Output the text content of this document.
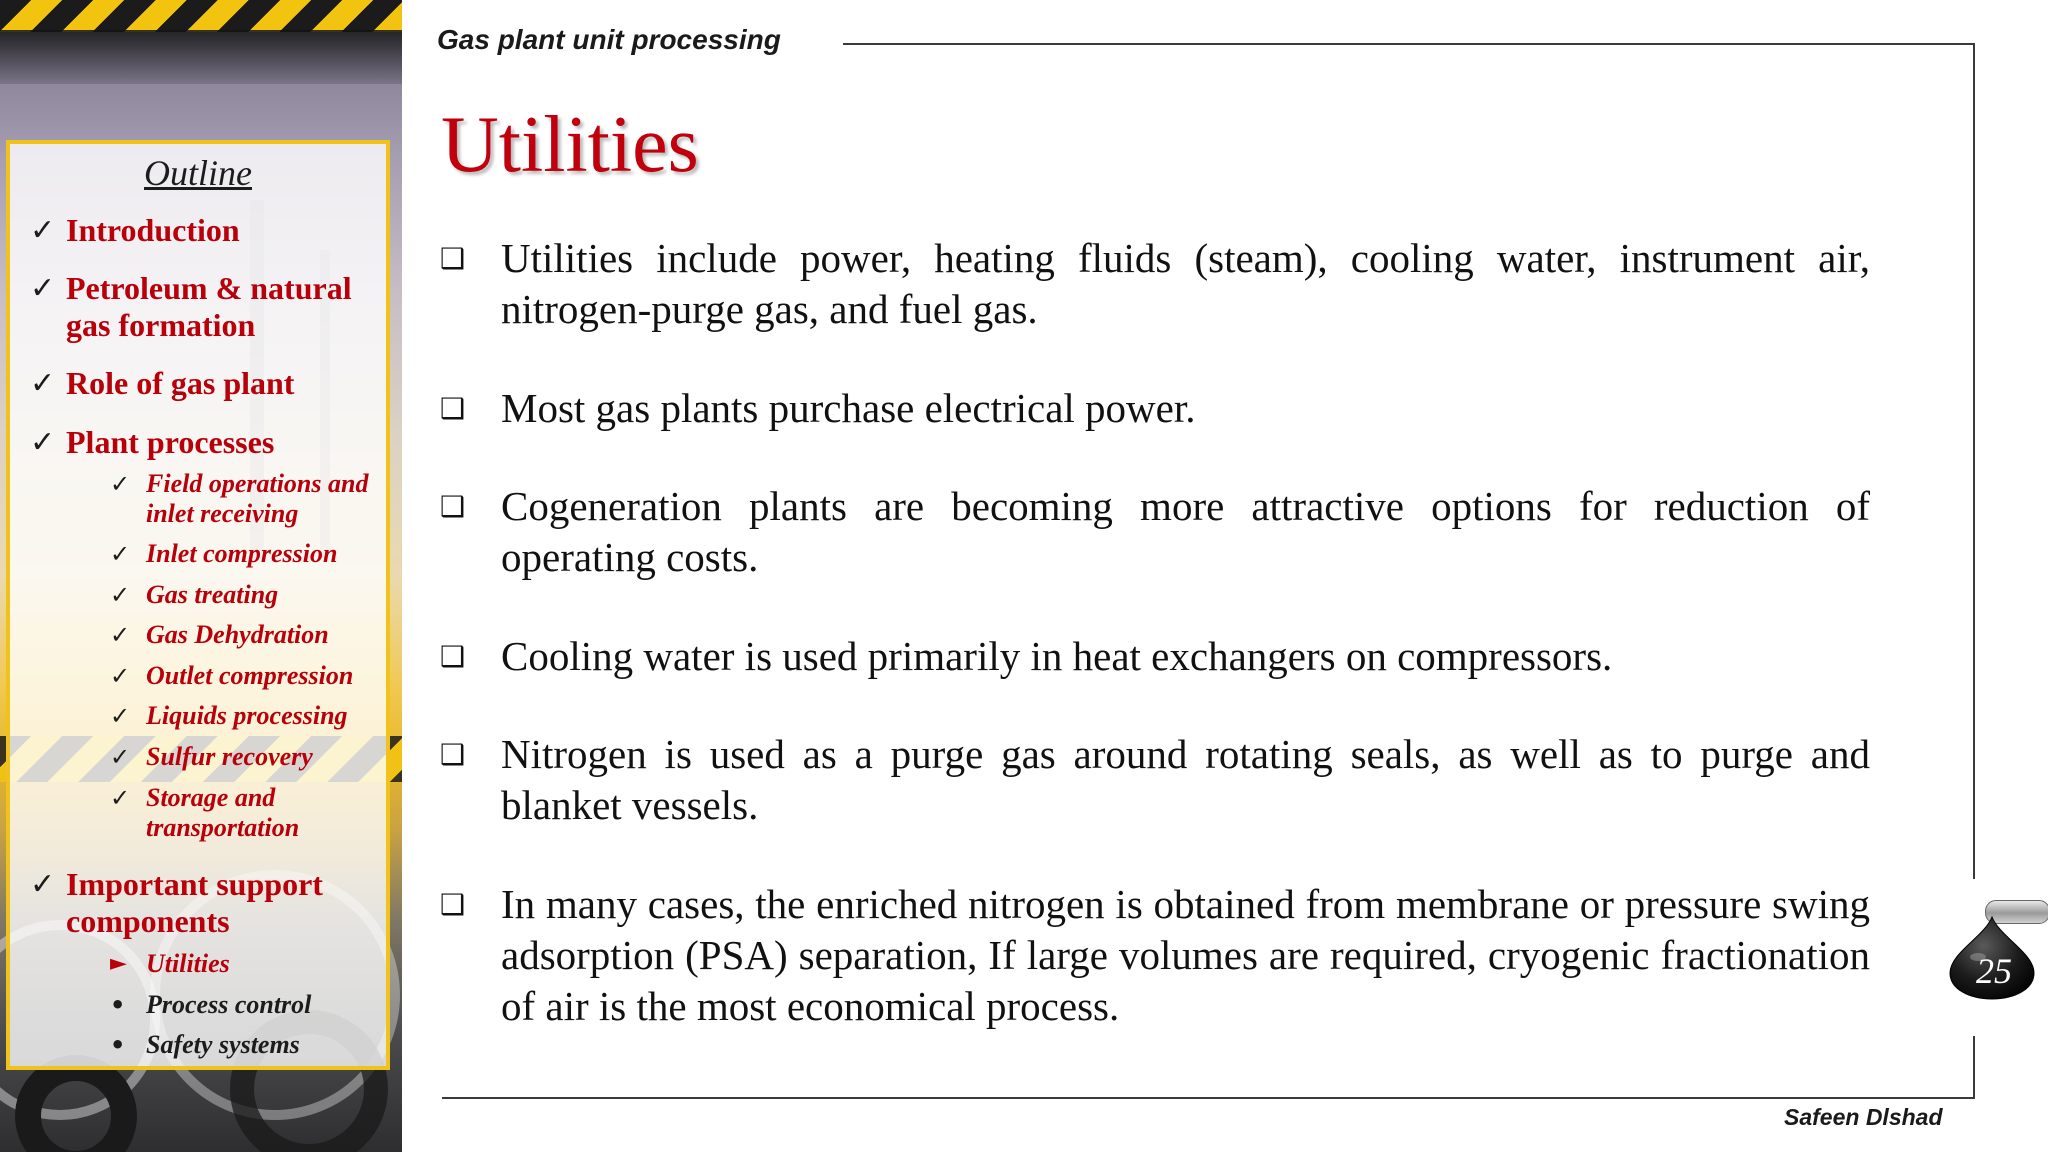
Outline
✓ Introduction
✓ Petroleum & natural gas formation
✓ Role of gas plant
✓ Plant processes
✓ Field operations and inlet receiving
✓ Inlet compression
✓ Gas treating
✓ Gas Dehydration
✓ Outlet compression
✓ Liquids processing
✓ Sulfur recovery
✓ Storage and transportation
✓ Important support components
► Utilities
• Process control
• Safety systems
Gas plant unit processing
Safeen Dlshad
Utilities
❑ Utilities include power, heating fluids (steam), cooling water, instrument air, nitrogen-purge gas, and fuel gas.
❑ Most gas plants purchase electrical power.
❑ Cogeneration plants are becoming more attractive options for reduction of operating costs.
❑ Cooling water is used primarily in heat exchangers on compressors.
❑ Nitrogen is used as a purge gas around rotating seals, as well as to purge and blanket vessels.
❑ In many cases, the enriched nitrogen is obtained from membrane or pressure swing adsorption (PSA) separation, If large volumes are required, cryogenic fractionation of air is the most economical process.
25
